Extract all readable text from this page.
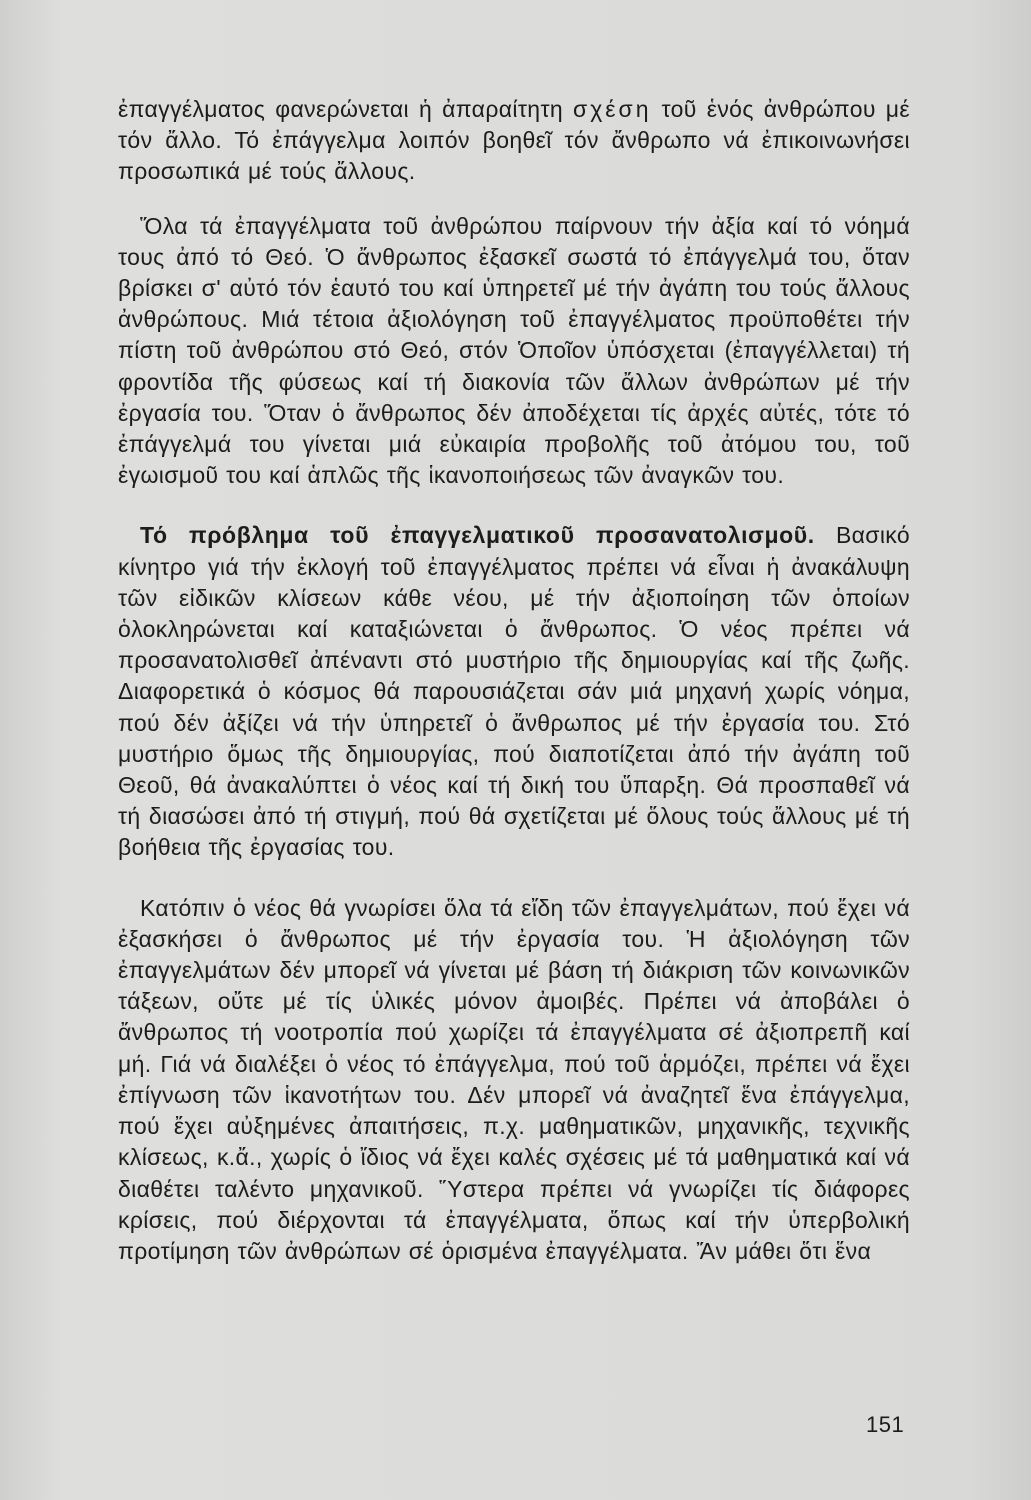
ἐπαγγέλματος φανερώνεται ἡ ἀπαραίτητη σχέση τοῦ ἑνός ἀνθρώπου μέ τόν ἄλλο. Τό ἐπάγγελμα λοιπόν βοηθεῖ τόν ἄνθρωπο νά ἐπικοινωνήσει προσωπικά μέ τούς ἄλλους.

Ὅλα τά ἐπαγγέλματα τοῦ ἀνθρώπου παίρνουν τήν ἀξία καί τό νόημά τους ἀπό τό Θεό. Ὁ ἄνθρωπος ἐξασκεῖ σωστά τό ἐπάγγελμά του, ὅταν βρίσκει σ' αὐτό τόν ἑαυτό του καί ὑπηρετεῖ μέ τήν ἀγάπη του τούς ἄλλους ἀνθρώπους. Μιά τέτοια ἀξιολόγηση τοῦ ἐπαγγέλματος προϋποθέτει τήν πίστη τοῦ ἀνθρώπου στό Θεό, στόν Ὁποῖον ὑπόσχεται (ἐπαγγέλλεται) τή φροντίδα τῆς φύσεως καί τή διακονία τῶν ἄλλων ἀνθρώπων μέ τήν ἐργασία του. Ὅταν ὁ ἄνθρωπος δέν ἀποδέχεται τίς ἀρχές αὐτές, τότε τό ἐπάγγελμά του γίνεται μιά εὐκαιρία προβολῆς τοῦ ἀτόμου του, τοῦ ἐγωισμοῦ του καί ἁπλῶς τῆς ἱκανοποιήσεως τῶν ἀναγκῶν του.

Τό πρόβλημα τοῦ ἐπαγγελματικοῦ προσανατολισμοῦ. Βασικό κίνητρο γιά τήν ἐκλογή τοῦ ἐπαγγέλματος πρέπει νά εἶναι ἡ ἀνακάλυψη τῶν εἰδικῶν κλίσεων κάθε νέου, μέ τήν ἀξιοποίηση τῶν ὁποίων ὁλοκληρώνεται καί καταξιώνεται ὁ ἄνθρωπος. Ὁ νέος πρέπει νά προσανατολισθεῖ ἀπέναντι στό μυστήριο τῆς δημιουργίας καί τῆς ζωῆς. Διαφορετικά ὁ κόσμος θά παρουσιάζεται σάν μιά μηχανή χωρίς νόημα, πού δέν ἀξίζει νά τήν ὑπηρετεῖ ὁ ἄνθρωπος μέ τήν ἐργασία του. Στό μυστήριο ὅμως τῆς δημιουργίας, πού διαποτίζεται ἀπό τήν ἀγάπη τοῦ Θεοῦ, θά ἀνακαλύπτει ὁ νέος καί τή δική του ὕπαρξη. Θά προσπαθεῖ νά τή διασώσει ἀπό τή στιγμή, πού θά σχετίζεται μέ ὅλους τούς ἄλλους μέ τή βοήθεια τῆς ἐργασίας του.

Κατόπιν ὁ νέος θά γνωρίσει ὅλα τά εἴδη τῶν ἐπαγγελμάτων, πού ἔχει νά ἐξασκήσει ὁ ἄνθρωπος μέ τήν ἐργασία του. Ἡ ἀξιολόγηση τῶν ἐπαγγελμάτων δέν μπορεῖ νά γίνεται μέ βάση τή διάκριση τῶν κοινωνικῶν τάξεων, οὔτε μέ τίς ὑλικές μόνον ἀμοιβές. Πρέπει νά ἀποβάλει ὁ ἄνθρωπος τή νοοτροπία πού χωρίζει τά ἐπαγγέλματα σέ ἀξιοπρεπῆ καί μή. Γιά νά διαλέξει ὁ νέος τό ἐπάγγελμα, πού τοῦ ἁρμόζει, πρέπει νά ἔχει ἐπίγνωση τῶν ἱκανοτήτων του. Δέν μπορεῖ νά ἀναζητεῖ ἕνα ἐπάγγελμα, πού ἔχει αὐξημένες ἀπαιτήσεις, π.χ. μαθηματικῶν, μηχανικῆς, τεχνικῆς κλίσεως, κ.ἄ., χωρίς ὁ ἴδιος νά ἔχει καλές σχέσεις μέ τά μαθηματικά καί νά διαθέτει ταλέντο μηχανικοῦ. Ὕστερα πρέπει νά γνωρίζει τίς διάφορες κρίσεις, πού διέρχονται τά ἐπαγγέλματα, ὅπως καί τήν ὑπερβολική προτίμηση τῶν ἀνθρώπων σέ ὁρισμένα ἐπαγγέλματα. Ἄν μάθει ὅτι ἕνα

151
